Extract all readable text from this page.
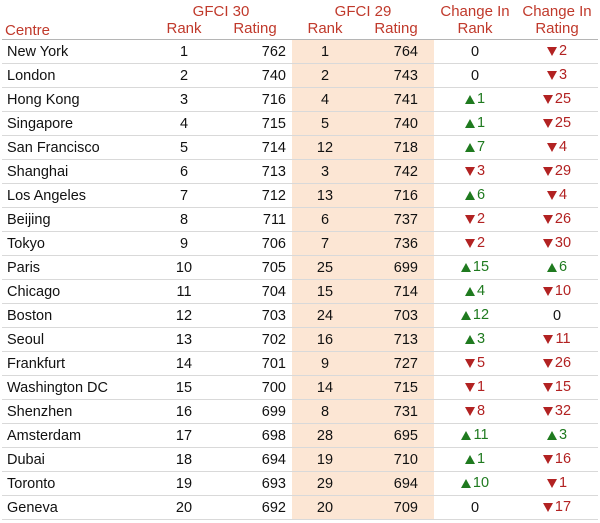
Centre	GFCI 30		GFCI 29		Change In	Change In
	Rank	Rating	Rank	Rating	Rank	Rating
New York	1	762	1	764	0	2

London	2	740	2	743	0	3

Hong Kong	3	716	4	741	1	25

Singapore	4	715	5	740	1	25

San Francisco	5	714	12	718	7	4

Shanghai	6	713	3	742	3	29

Los Angeles	7	712	13	716	6	4

Beijing	8	711	6	737	2	26

Tokyo	9	706	7	736	2	30

Paris	10	705	25	699	15	6

Chicago	11	704	15	714	4	10

Boston	12	703	24	703	12	0

Seoul	13	702	16	713	3	11

Frankfurt	14	701	9	727	5	26

Washington DC	15	700	14	715	1	15

Shenzhen	16	699	8	731	8	32

Amsterdam	17	698	28	695	11	3

Dubai	18	694	19	710	1	16

Toronto	19	693	29	694	10	1

Geneva	20	692	20	709	0	17
